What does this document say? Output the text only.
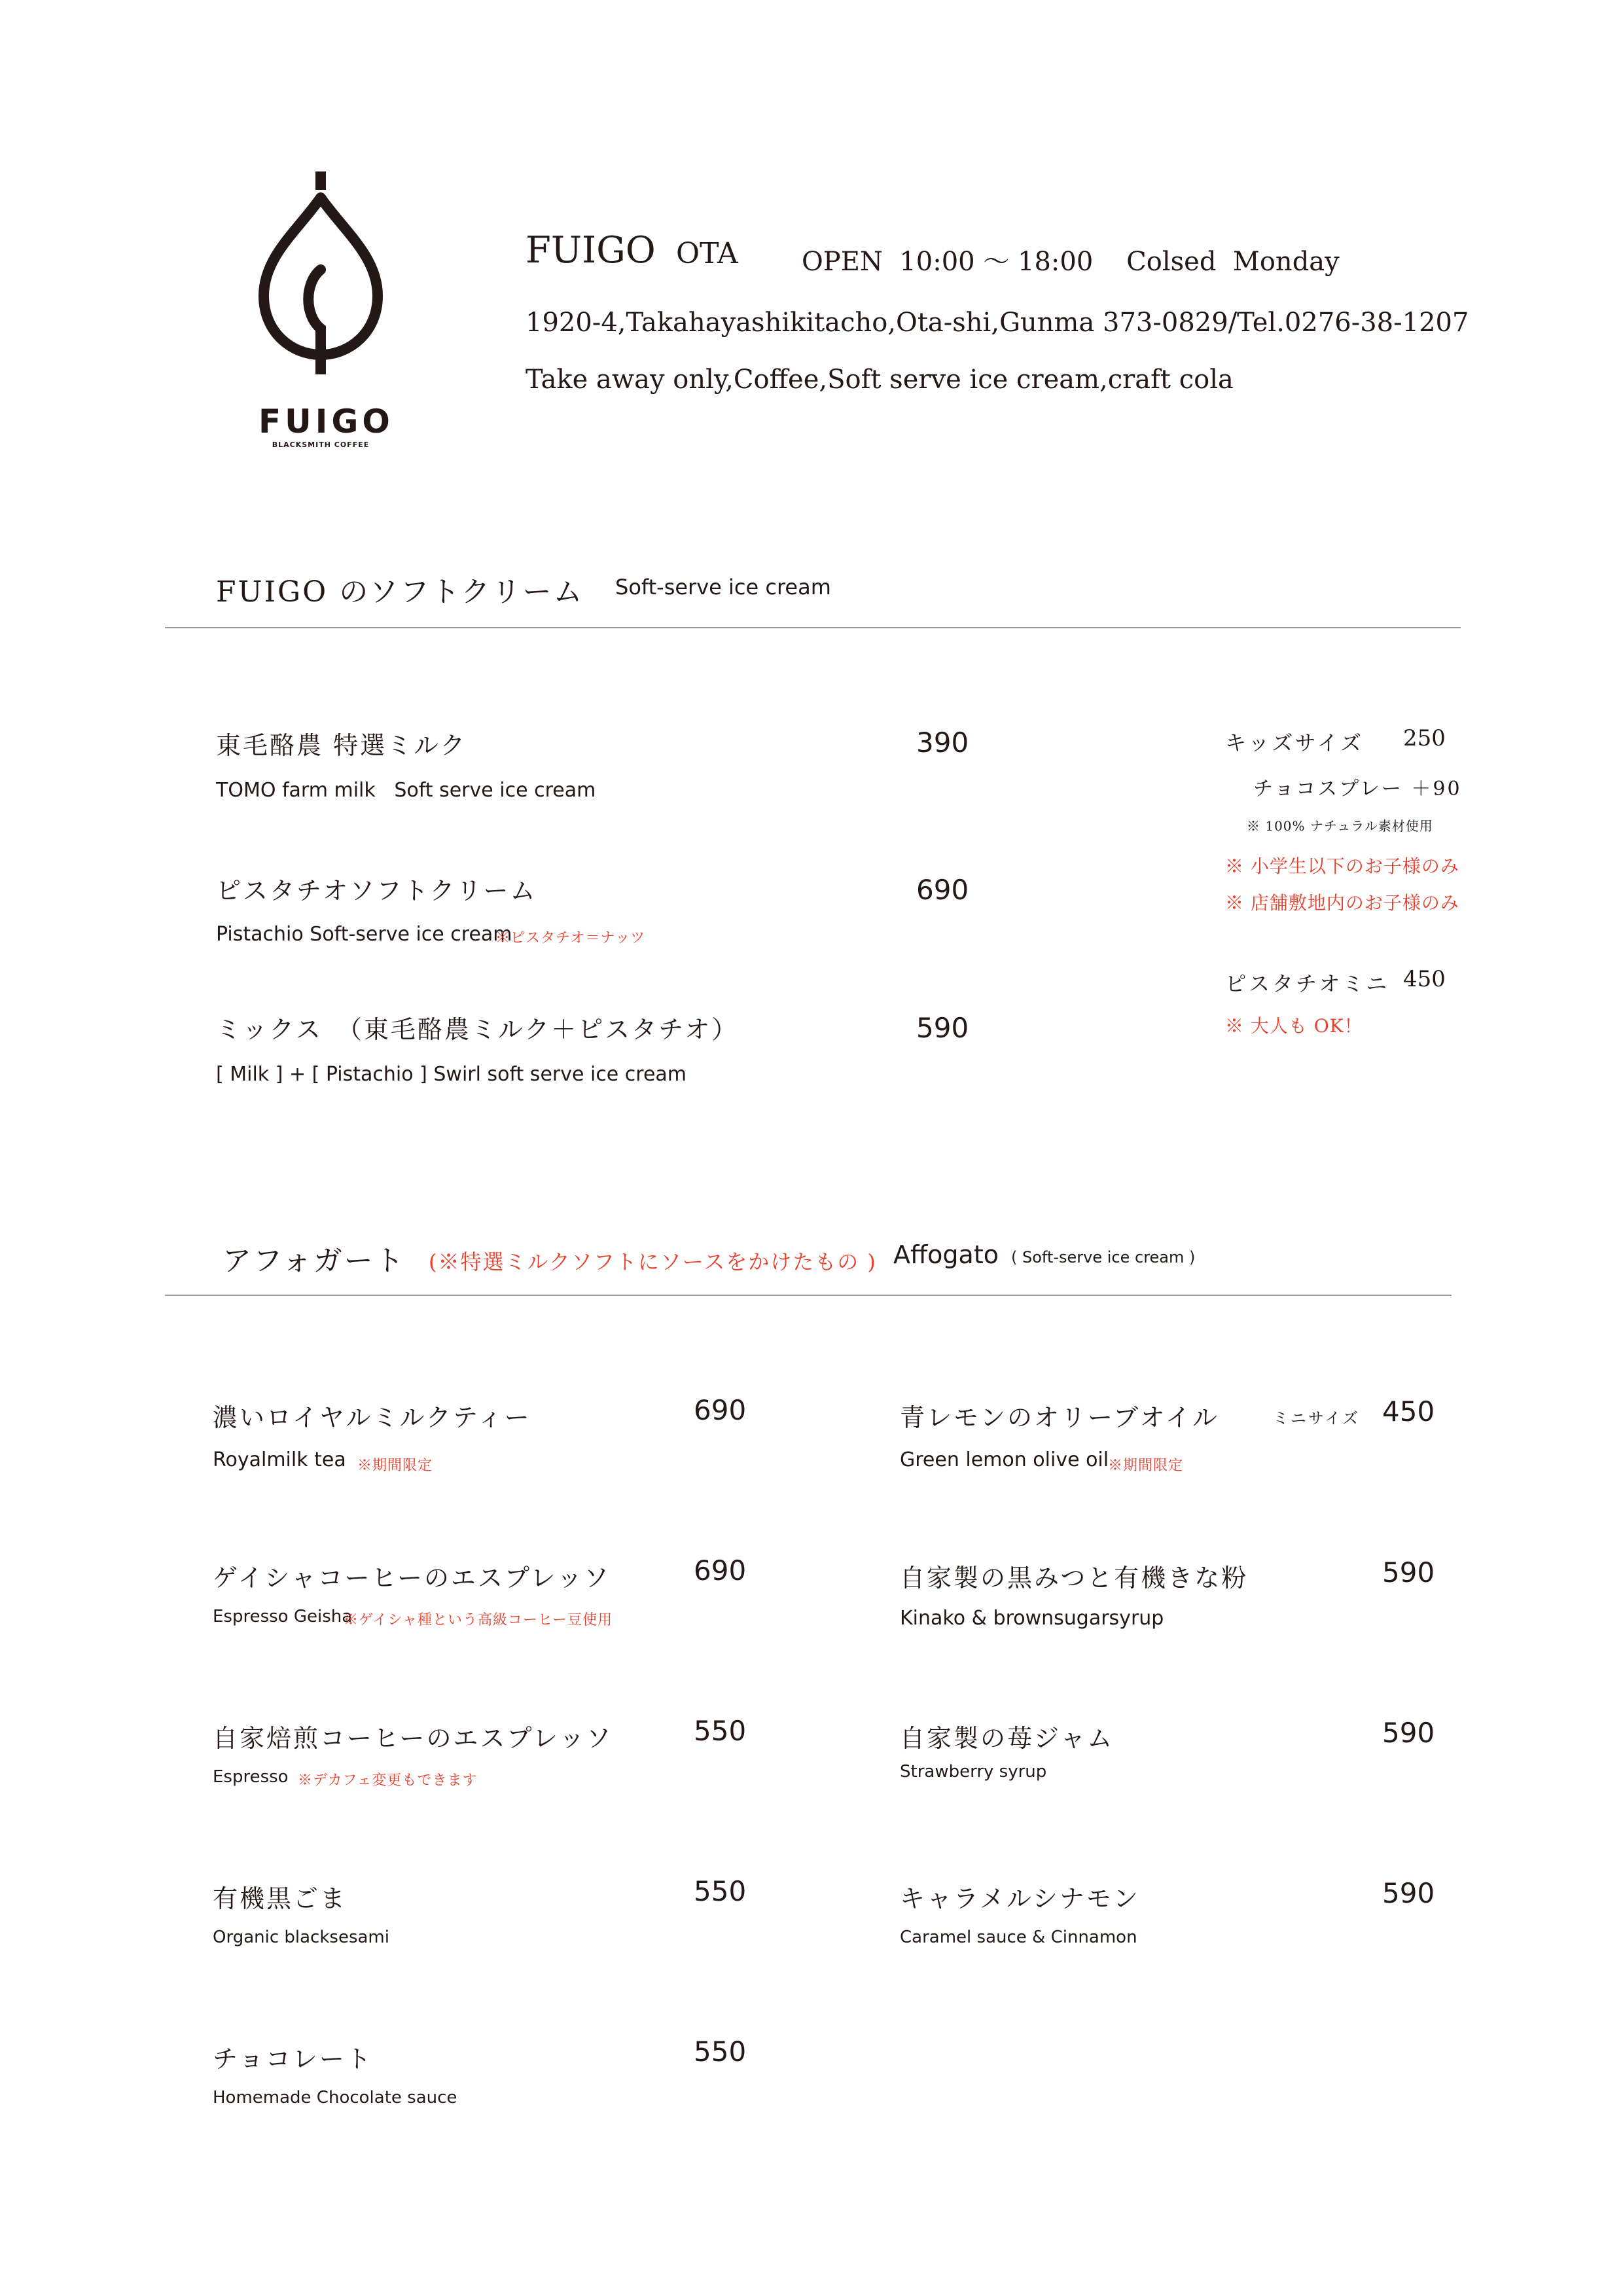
FUIGO
BLACKSMITH COFFEE
FUIGO OTA OPEN  10:00 〜 18:00    Colsed  Monday
1920-4,Takahayashikitacho,Ota-shi,Gunma 373-0829/Tel.0276-38-1207
Take away only,Coffee,Soft serve ice cream,craft cola
FUIGO のソフトクリーム Soft-serve ice cream
東毛酪農 特選ミルク
TOMO farm milk   Soft serve ice cream
390
ピスタチオソフトクリーム
Pistachio Soft-serve ice cream
※ピスタチオ＝ナッツ
690
ミックス　（東毛酪農ミルク＋ピスタチオ）
[ Milk ] + [ Pistachio ] Swirl soft serve ice cream
590
キッズサイズ 250
チョコスプレー ＋90
※ 100% ナチュラル素材使用
※ 小学生以下のお子様のみ
※ 店舗敷地内のお子様のみ
ピスタチオミニ 450
※ 大人も OK！
アフォガート (※特選ミルクソフトにソースをかけたもの ) Affogato ( Soft-serve ice cream )
濃いロイヤルミルクティー
Royalmilk tea ※期間限定
690
ゲイシャコーヒーのエスプレッソ
Espresso Geisha
※ゲイシャ種という高級コーヒー豆使用
690
自家焙煎コーヒーのエスプレッソ
Espresso ※デカフェ変更もできます
550
有機黒ごま
Organic blacksesami
550
チョコレート
Homemade Chocolate sauce
550
青レモンのオリーブオイル
Green lemon olive oil
※期間限定
ミニサイズ 450
自家製の黒みつと有機きな粉
Kinako & brownsugarsyrup
590
自家製の苺ジャム
Strawberry syrup
590
キャラメルシナモン
Caramel sauce & Cinnamon
590
